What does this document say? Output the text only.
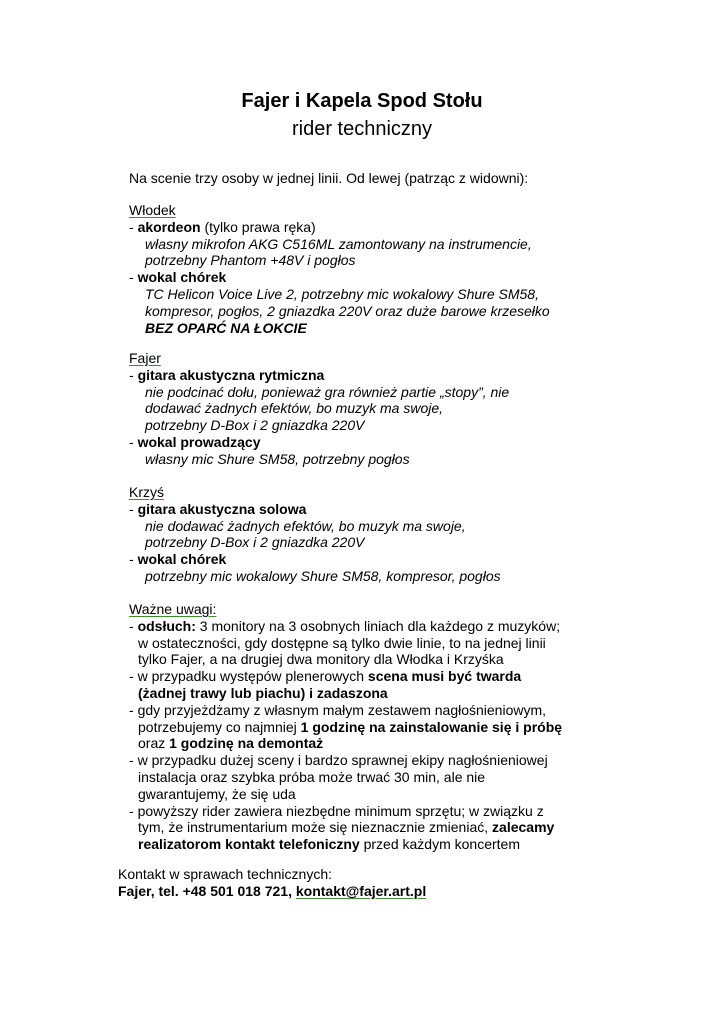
Fajer i Kapela Spod Stołu
rider techniczny
Na scenie trzy osoby w jednej linii. Od lewej (patrząc z widowni):
Włodek
- akordeon (tylko prawa ręka)
własny mikrofon AKG C516ML zamontowany na instrumencie,
potrzebny Phantom +48V i pogłos
- wokal chórek
TC Helicon Voice Live 2, potrzebny mic wokalowy Shure SM58,
kompresor, pogłos, 2 gniazdka 220V oraz duże barowe krzesełko
BEZ OPARĆ NA ŁOKCIE
Fajer
- gitara akustyczna rytmiczna
nie podcinać dołu, ponieważ gra również partie „stopy”, nie
dodawać żadnych efektów, bo muzyk ma swoje,
potrzebny D-Box i 2 gniazdka 220V
- wokal prowadzący
własny mic Shure SM58, potrzebny pogłos
Krzyś
- gitara akustyczna solowa
nie dodawać żadnych efektów, bo muzyk ma swoje,
potrzebny D-Box i 2 gniazdka 220V
- wokal chórek
potrzebny mic wokalowy Shure SM58, kompresor, pogłos
Ważne uwagi:
- odsłuch: 3 monitory na 3 osobnych liniach dla każdego z muzyków;
w ostateczności, gdy dostępne są tylko dwie linie, to na jednej linii
tylko Fajer, a na drugiej dwa monitory dla Włodka i Krzyśka
- w przypadku występów plenerowych scena musi być twarda
(żadnej trawy lub piachu) i zadaszona
- gdy przyjeżdżamy z własnym małym zestawem nagłośnieniowym,
potrzebujemy co najmniej 1 godzinę na zainstalowanie się i próbę
oraz 1 godzinę na demontaż
- w przypadku dużej sceny i bardzo sprawnej ekipy nagłośnieniowej
instalacja oraz szybka próba może trwać 30 min, ale nie
gwarantujemy, że się uda
- powyższy rider zawiera niezbędne minimum sprzętu; w związku z
tym, że instrumentarium może się nieznacznie zmieniać, zalecamy
realizatorom kontakt telefoniczny przed każdym koncertem
Kontakt w sprawach technicznych:
Fajer, tel. +48 501 018 721, kontakt@fajer.art.pl
